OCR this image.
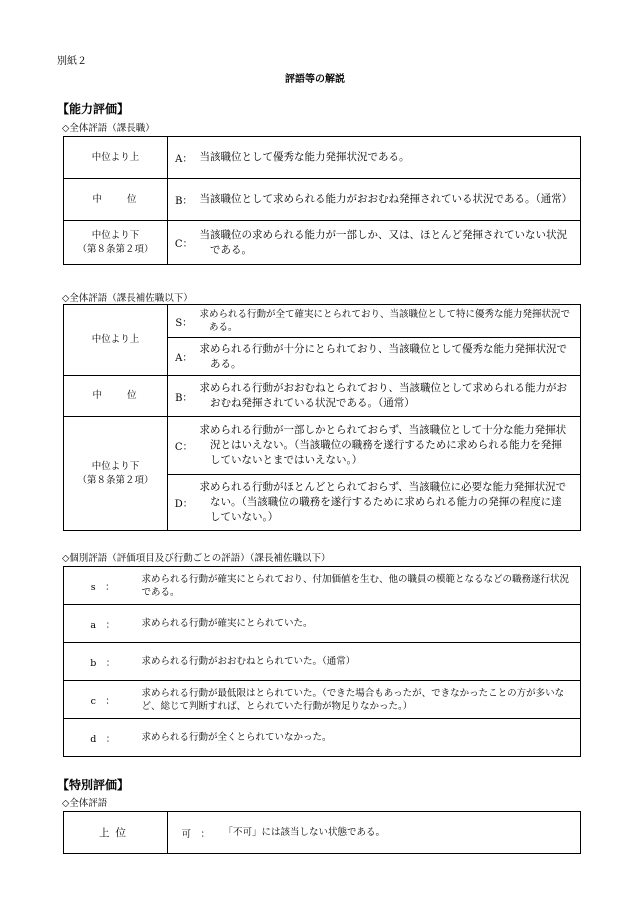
別紙２
評語等の解説
【能力評価】
◇全体評語（課長職）
中位より上	A：	当該職位として優秀な能力発揮状況である。

中　　位	B：	当該職位として求められる能力がおおむね発揮されている状況である。（通常）

中位より下
（第８条第２項）	C：	当該職位の求められる能力が一部しか、又は、ほとんど発揮されていない状況である。
◇全体評語（課長補佐職以下）
中位より上	S：	求められる行動が全て確実にとられており、当該職位として特に優秀な能力発揮状況である。

	A：	求められる行動が十分にとられており、当該職位として優秀な能力発揮状況である。

中　　位	B：	求められる行動がおおむねとられており、当該職位として求められる能力がおおむね発揮されている状況である。（通常）

中位より下
（第８条第２項）	C：	求められる行動が一部しかとられておらず、当該職位として十分な能力発揮状況とはいえない。（当該職位の職務を遂行するために求められる能力を発揮していないとまではいえない。）

	D：	求められる行動がほとんどとられておらず、当該職位に必要な能力発揮状況でない。（当該職位の職務を遂行するために求められる能力の発揮の程度に達していない。）
◇個別評語（評価項目及び行動ごとの評語）（課長補佐職以下）
s　：	求められる行動が確実にとられており、付加価値を生む、他の職員の模範となるなどの職務遂行状況である。
a　：	求められる行動が確実にとられていた。
b　：	求められる行動がおおむねとられていた。（通常）
c　：	求められる行動が最低限はとられていた。（できた場合もあったが、できなかったことの方が多いなど、総じて判断すれば、とられていた行動が物足りなかった。）
d　：	求められる行動が全くとられていなかった。
【特別評価】
◇全体評語
上位	可　：	「不可」には該当しない状態である。
